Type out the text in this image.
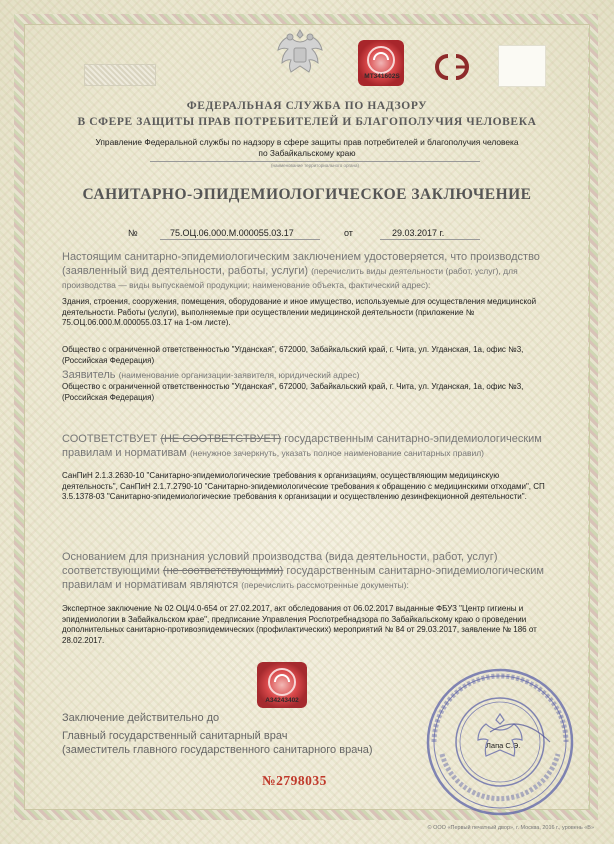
МТ341602S
ФЕДЕРАЛЬНАЯ СЛУЖБА ПО НАДЗОРУ
В СФЕРЕ ЗАЩИТЫ ПРАВ ПОТРЕБИТЕЛЕЙ И БЛАГОПОЛУЧИЯ ЧЕЛОВЕКА
Управление Федеральной службы по надзору в сфере защиты прав потребителей и благополучия человека по Забайкальскому краю
(наименование территориального органа)
САНИТАРНО-ЭПИДЕМИОЛОГИЧЕСКОЕ ЗАКЛЮЧЕНИЕ
№	75.ОЦ.06.000.М.000055.03.17	от	29.03.2017 г.
Настоящим санитарно-эпидемиологическим заключением удостоверяется, что производство (заявленный вид деятельности, работы, услуги) (перечислить виды деятельности (работ, услуг), для производства — виды выпускаемой продукции; наименование объекта, фактический адрес):
Здания, строения, сооружения, помещения, оборудование и иное имущество, используемые для осуществления медицинской деятельности. Работы (услуги), выполняемые при осуществлении медицинской деятельности (приложение № 75.ОЦ.06.000.М.000055.03.17 на 1-ом листе).
Общество с ограниченной ответственностью "Угданская", 672000, Забайкальский край, г. Чита, ул. Угданская, 1а, офис №3, (Российская Федерация)
Заявитель (наименование организации-заявителя, юридический адрес)
Общество с ограниченной ответственностью "Угданская", 672000, Забайкальский край, г. Чита, ул. Угданская, 1а, офис №3, (Российская Федерация)
СООТВЕТСТВУЕТ (НЕ СООТВЕТСТВУЕТ) государственным санитарно-эпидемиологическим правилам и нормативам (ненужное зачеркнуть, указать полное наименование санитарных правил)
СанПиН 2.1.3.2630-10 "Санитарно-эпидемиологические требования к организациям, осуществляющим медицинскую деятельность", СанПиН 2.1.7.2790-10 "Санитарно-эпидемиологические требования к обращению с медицинскими отходами", СП 3.5.1378-03 "Санитарно-эпидемиологические требования к организации и осуществлению дезинфекционной деятельности".
Основанием для признания условий производства (вида деятельности, работ, услуг) соответствующими (не соответствующими) государственным санитарно-эпидемиологическим правилам и нормативам являются (перечислить рассмотренные документы):
Экспертное заключение № 02 ОЦ/4.0-654 от 27.02.2017, акт обследования от 06.02.2017 выданные ФБУЗ "Центр гигиены и эпидемиологии в Забайкальском крае", предписание Управления Роспотребнадзора по Забайкальскому краю о проведении дополнительных санитарно-противоэпидемических (профилактических) мероприятий № 84 от 29.03.2017, заявление № 186 от 28.02.2017.
А34243402
Заключение действительно до
Главный государственный санитарный врач
(заместитель главного государственного санитарного врача)	Лапа С.Э.
№2798035
© ООО «Первый печатный двор», г. Москва, 2016 г., уровень «В»
